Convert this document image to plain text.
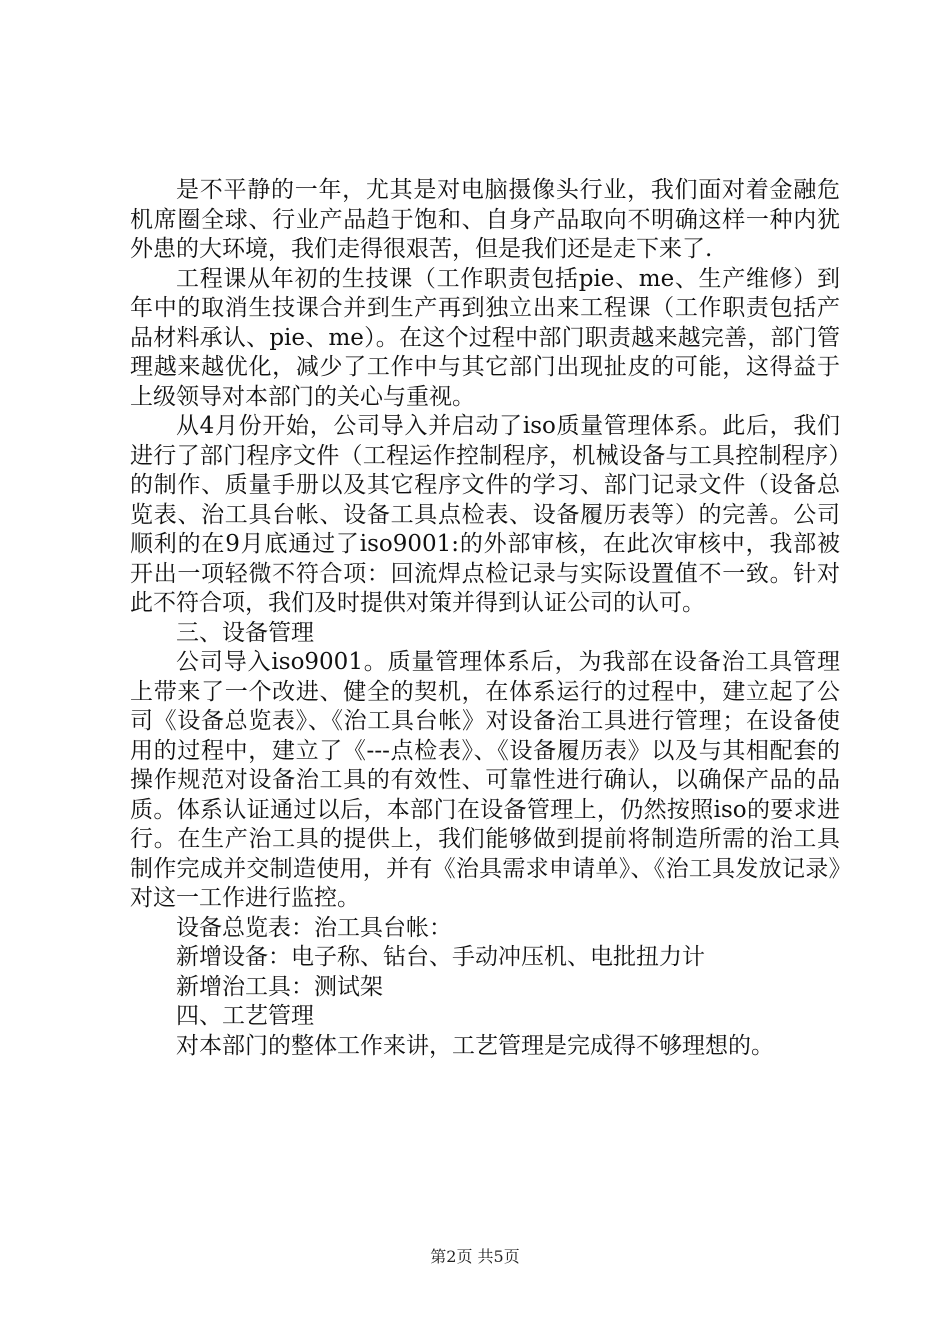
是不平静的一年，尤其是对电脑摄像头行业，我们面对着金融危机席圈全球、行业产品趋于饱和、自身产品取向不明确这样一种内犹外患的大环境，我们走得很艰苦，但是我们还是走下来了.

工程课从年初的生技课（工作职责包括pie、me、生产维修）到年中的取消生技课合并到生产再到独立出来工程课（工作职责包括产品材料承认、pie、me）。在这个过程中部门职责越来越完善，部门管理越来越优化，减少了工作中与其它部门出现扯皮的可能，这得益于上级领导对本部门的关心与重视。

从4月份开始，公司导入并启动了iso质量管理体系。此后，我们进行了部门程序文件（工程运作控制程序，机械设备与工具控制程序）的制作、质量手册以及其它程序文件的学习、部门记录文件（设备总览表、治工具台帐、设备工具点检表、设备履历表等）的完善。公司顺利的在9月底通过了iso9001:的外部审核，在此次审核中，我部被开出一项轻微不符合项：回流焊点检记录与实际设置值不一致。针对此不符合项，我们及时提供对策并得到认证公司的认可。

三、设备管理

公司导入iso9001。质量管理体系后，为我部在设备治工具管理上带来了一个改进、健全的契机，在体系运行的过程中，建立起了公司《设备总览表》、《治工具台帐》对设备治工具进行管理；在设备使用的过程中，建立了《---点检表》、《设备履历表》以及与其相配套的操作规范对设备治工具的有效性、可靠性进行确认，以确保产品的品质。体系认证通过以后，本部门在设备管理上，仍然按照iso的要求进行。在生产治工具的提供上，我们能够做到提前将制造所需的治工具制作完成并交制造使用，并有《治具需求申请单》、《治工具发放记录》对这一工作进行监控。

设备总览表：治工具台帐：

新增设备：电子称、钻台、手动冲压机、电批扭力计

新增治工具：测试架

四、工艺管理

对本部门的整体工作来讲，工艺管理是完成得不够理想的。

第2页 共5页
